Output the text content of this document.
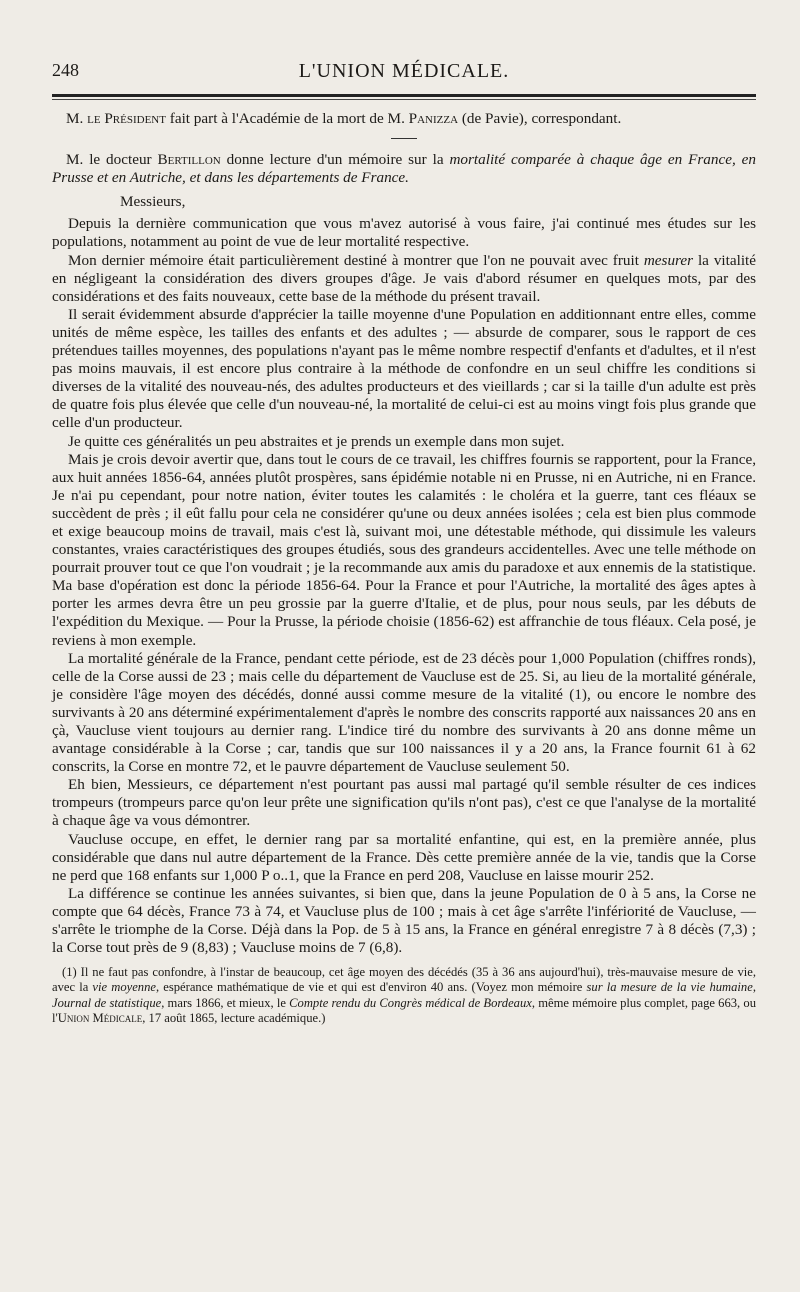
248	L'UNION MÉDICALE.

M. le Président fait part à l'Académie de la mort de M. Panizza (de Pavie), correspondant.

M. le docteur Bertillon donne lecture d'un mémoire sur la mortalité comparée à chaque âge en France, en Prusse et en Autriche, et dans les départements de France.

Messieurs,

Depuis la dernière communication que vous m'avez autorisé à vous faire, j'ai continué mes études sur les populations, notamment au point de vue de leur mortalité respective.

Mon dernier mémoire était particulièrement destiné à montrer que l'on ne pouvait avec fruit mesurer la vitalité en négligeant la considération des divers groupes d'âge. Je vais d'abord résumer en quelques mots, par des considérations et des faits nouveaux, cette base de la méthode du présent travail.

Il serait évidemment absurde d'apprécier la taille moyenne d'une Population en additionnant entre elles, comme unités de même espèce, les tailles des enfants et des adultes ; — absurde de comparer, sous le rapport de ces prétendues tailles moyennes, des populations n'ayant pas le même nombre respectif d'enfants et d'adultes, et il n'est pas moins mauvais, il est encore plus contraire à la méthode de confondre en un seul chiffre les conditions si diverses de la vitalité des nouveau-nés, des adultes producteurs et des vieillards ; car si la taille d'un adulte est près de quatre fois plus élevée que celle d'un nouveau-né, la mortalité de celui-ci est au moins vingt fois plus grande que celle d'un producteur.

Je quitte ces généralités un peu abstraites et je prends un exemple dans mon sujet.

Mais je crois devoir avertir que, dans tout le cours de ce travail, les chiffres fournis se rapportent, pour la France, aux huit années 1856-64, années plutôt prospères, sans épidémie notable ni en Prusse, ni en Autriche, ni en France. Je n'ai pu cependant, pour notre nation, éviter toutes les calamités : le choléra et la guerre, tant ces fléaux se succèdent de près ; il eût fallu pour cela ne considérer qu'une ou deux années isolées ; cela est bien plus commode et exige beaucoup moins de travail, mais c'est là, suivant moi, une détestable méthode, qui dissimule les valeurs constantes, vraies caractéristiques des groupes étudiés, sous des grandeurs accidentelles. Avec une telle méthode on pourrait prouver tout ce que l'on voudrait ; je la recommande aux amis du paradoxe et aux ennemis de la statistique. Ma base d'opération est donc la période 1856-64. Pour la France et pour l'Autriche, la mortalité des âges aptes à porter les armes devra être un peu grossie par la guerre d'Italie, et de plus, pour nous seuls, par les débuts de l'expédition du Mexique. — Pour la Prusse, la période choisie (1856-62) est affranchie de tous fléaux. Cela posé, je reviens à mon exemple.

La mortalité générale de la France, pendant cette période, est de 23 décès pour 1,000 Population (chiffres ronds), celle de la Corse aussi de 23 ; mais celle du département de Vaucluse est de 25. Si, au lieu de la mortalité générale, je considère l'âge moyen des décédés, donné aussi comme mesure de la vitalité (1), ou encore le nombre des survivants à 20 ans déterminé expérimentalement d'après le nombre des conscrits rapporté aux naissances 20 ans en çà, Vaucluse vient toujours au dernier rang. L'indice tiré du nombre des survivants à 20 ans donne même un avantage considérable à la Corse ; car, tandis que sur 100 naissances il y a 20 ans, la France fournit 61 à 62 conscrits, la Corse en montre 72, et le pauvre département de Vaucluse seulement 50.

Eh bien, Messieurs, ce département n'est pourtant pas aussi mal partagé qu'il semble résulter de ces indices trompeurs (trompeurs parce qu'on leur prête une signification qu'ils n'ont pas), c'est ce que l'analyse de la mortalité à chaque âge va vous démontrer.

Vaucluse occupe, en effet, le dernier rang par sa mortalité enfantine, qui est, en la première année, plus considérable que dans nul autre département de la France. Dès cette première année de la vie, tandis que la Corse ne perd que 168 enfants sur 1,000 P o..1, que la France en perd 208, Vaucluse en laisse mourir 252.

La différence se continue les années suivantes, si bien que, dans la jeune Population de 0 à 5 ans, la Corse ne compte que 64 décès, France 73 à 74, et Vaucluse plus de 100 ; mais à cet âge s'arrête l'infériorité de Vaucluse, — s'arrête le triomphe de la Corse. Déjà dans la Pop. de 5 à 15 ans, la France en général enregistre 7 à 8 décès (7,3) ; la Corse tout près de 9 (8,83) ; Vaucluse moins de 7 (6,8).

(1) Il ne faut pas confondre, à l'instar de beaucoup, cet âge moyen des décédés (35 à 36 ans aujourd'hui), très-mauvaise mesure de vie, avec la vie moyenne, espérance mathématique de vie et qui est d'environ 40 ans. (Voyez mon mémoire sur la mesure de la vie humaine, Journal de statistique, mars 1866, et mieux, le Compte rendu du Congrès médical de Bordeaux, même mémoire plus complet, page 663, ou l'Union Médicale, 17 août 1865, lecture académique.)
